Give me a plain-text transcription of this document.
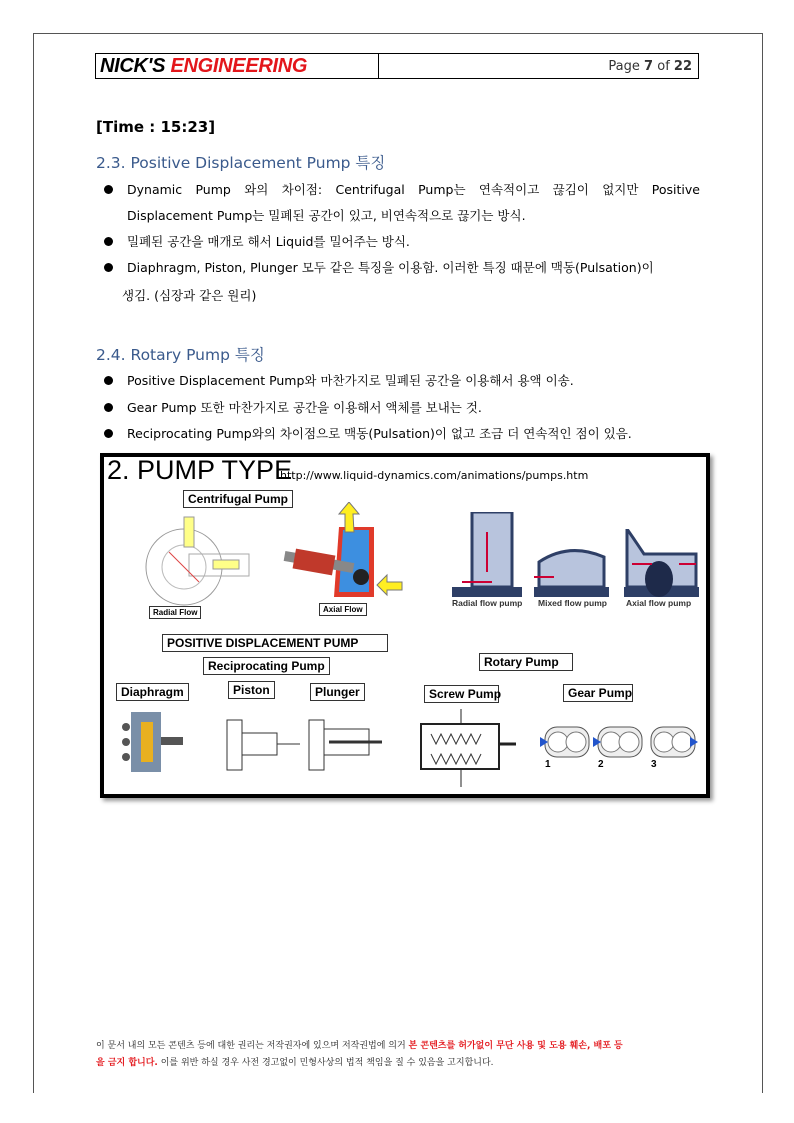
NICK'S ENGINEERING	Page 7 of 22
[Time : 15:23]
2.3. Positive Displacement Pump 특징
Dynamic Pump 와의 차이점: Centrifugal Pump는 연속적이고 끊김이 없지만 Positive
Displacement Pump는 밀폐된 공간이 있고, 비연속적으로 끊기는 방식.
밀폐된 공간을 매개로 해서 Liquid를 밀어주는 방식.
Diaphragm, Piston, Plunger 모두 같은 특징을 이용함. 이러한 특징 때문에 맥동(Pulsation)이
생김. (심장과 같은 원리)
2.4. Rotary Pump 특징
Positive Displacement Pump와 마찬가지로 밀폐된 공간을 이용해서 용액 이송.
Gear Pump 또한 마찬가지로 공간을 이용해서 액체를 보내는 것.
Reciprocating Pump와의 차이점으로 맥동(Pulsation)이 없고 조금 더 연속적인 점이 있음.
2. PUMP TYPE
http://www.liquid-dynamics.com/animations/pumps.htm
Centrifugal Pump
Radial Flow	Axial Flow
Radial flow pump Mixed flow pump Axial flow pump
POSITIVE DISPLACEMENT PUMP
Reciprocating Pump	Rotary Pump
Diaphragm	Piston	Plunger	Screw Pump	Gear Pump
1	2	3
이 문서 내의 모든 콘텐츠 등에 대한 권리는 저작권자에 있으며 저작권법에 의거 본 콘텐츠를 허가없이 무단 사용 및 도용 훼손, 배포 등
을 금지 합니다. 이를 위반 하실 경우 사전 경고없이 민형사상의 법적 책임을 질 수 있음을 고지합니다.
